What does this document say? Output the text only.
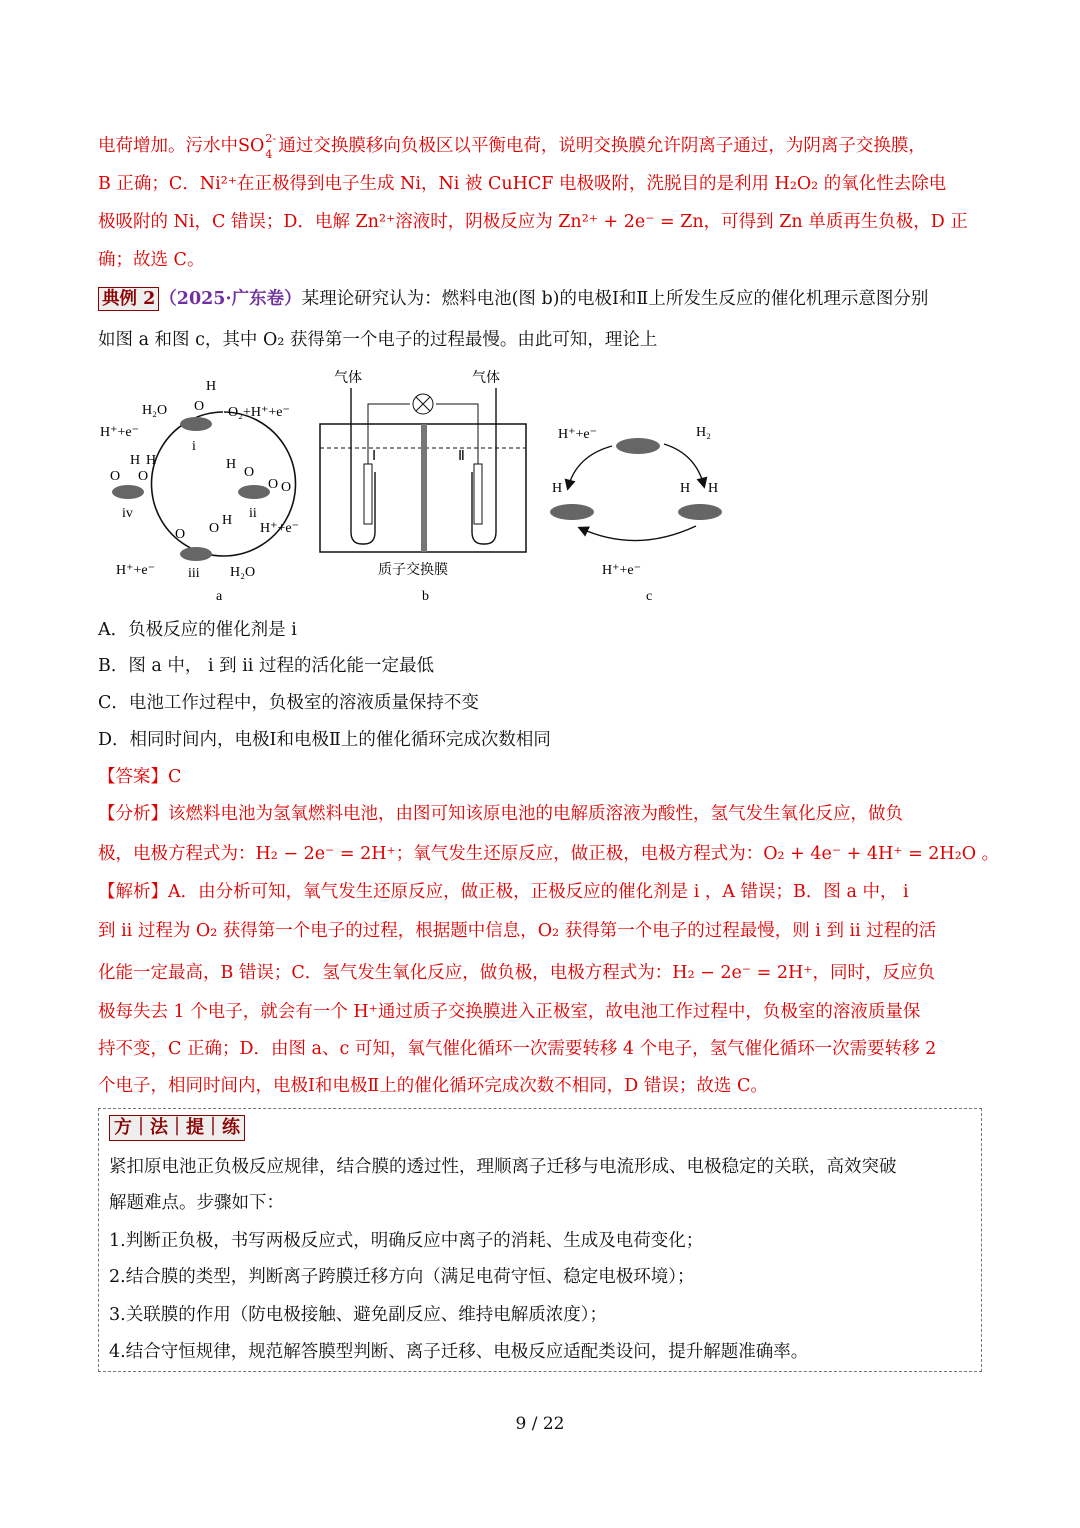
电荷增加。污水中SO 2-
4 通过交换膜移向负极区以平衡电荷，说明交换膜允许阴离子通过，为阴离子交换膜，
B 正确；C．Ni²⁺在正极得到电子生成 Ni，Ni 被 CuHCF 电极吸附，洗脱目的是利用 H₂O₂ 的氧化性去除电
极吸附的 Ni，C 错误；D．电解 Zn²⁺溶液时，阴极反应为 Zn²⁺ + 2e⁻ = Zn，可得到 Zn 单质再生负极，D 正
确；故选 C。
典例 2 （2025·广东卷）某理论研究认为：燃料电池(图 b)的电极Ⅰ和Ⅱ上所发生反应的催化机理示意图分别
如图 a 和图 c，其中 O₂ 获得第一个电子的过程最慢。由此可知，理论上
i
ii
iii
iv
O
H
H
O
O O
O O
H
O O
H H
H₂O
H⁺+e⁻
O₂+H⁺+e⁻
H⁺+e⁻
H⁺+e⁻	H₂O
a
气体	气体
Ⅰ	Ⅱ
质子交换膜
b
H⁺+e⁻	H₂
H	H H
H⁺+e⁻
c
A．负极反应的催化剂是 i
B．图 a 中， i 到 ii 过程的活化能一定最低
C．电池工作过程中，负极室的溶液质量保持不变
D．相同时间内，电极Ⅰ和电极Ⅱ上的催化循环完成次数相同
【答案】C
【分析】该燃料电池为氢氧燃料电池，由图可知该原电池的电解质溶液为酸性，氢气发生氧化反应，做负
极，电极方程式为：H₂ − 2e⁻ = 2H⁺；氧气发生还原反应，做正极，电极方程式为：O₂ + 4e⁻ + 4H⁺ = 2H₂O 。
【解析】A．由分析可知，氧气发生还原反应，做正极，正极反应的催化剂是 i ，A 错误；B．图 a 中， i
到 ii 过程为 O₂ 获得第一个电子的过程，根据题中信息，O₂ 获得第一个电子的过程最慢，则 i 到 ii 过程的活
化能一定最高，B 错误；C．氢气发生氧化反应，做负极，电极方程式为：H₂ − 2e⁻ = 2H⁺，同时，反应负
极每失去 1 个电子，就会有一个 H⁺通过质子交换膜进入正极室，故电池工作过程中，负极室的溶液质量保
持不变，C 正确；D．由图 a、c 可知，氧气催化循环一次需要转移 4 个电子，氢气催化循环一次需要转移 2
个电子，相同时间内，电极Ⅰ和电极Ⅱ上的催化循环完成次数不相同，D 错误；故选 C。
方｜法｜提｜练
紧扣原电池正负极反应规律，结合膜的透过性，理顺离子迁移与电流形成、电极稳定的关联，高效突破
解题难点。步骤如下：
1.判断正负极，书写两极反应式，明确反应中离子的消耗、生成及电荷变化；
2.结合膜的类型，判断离子跨膜迁移方向（满足电荷守恒、稳定电极环境）；
3.关联膜的作用（防电极接触、避免副反应、维持电解质浓度）；
4.结合守恒规律，规范解答膜型判断、离子迁移、电极反应适配类设问，提升解题准确率。
9 / 22
